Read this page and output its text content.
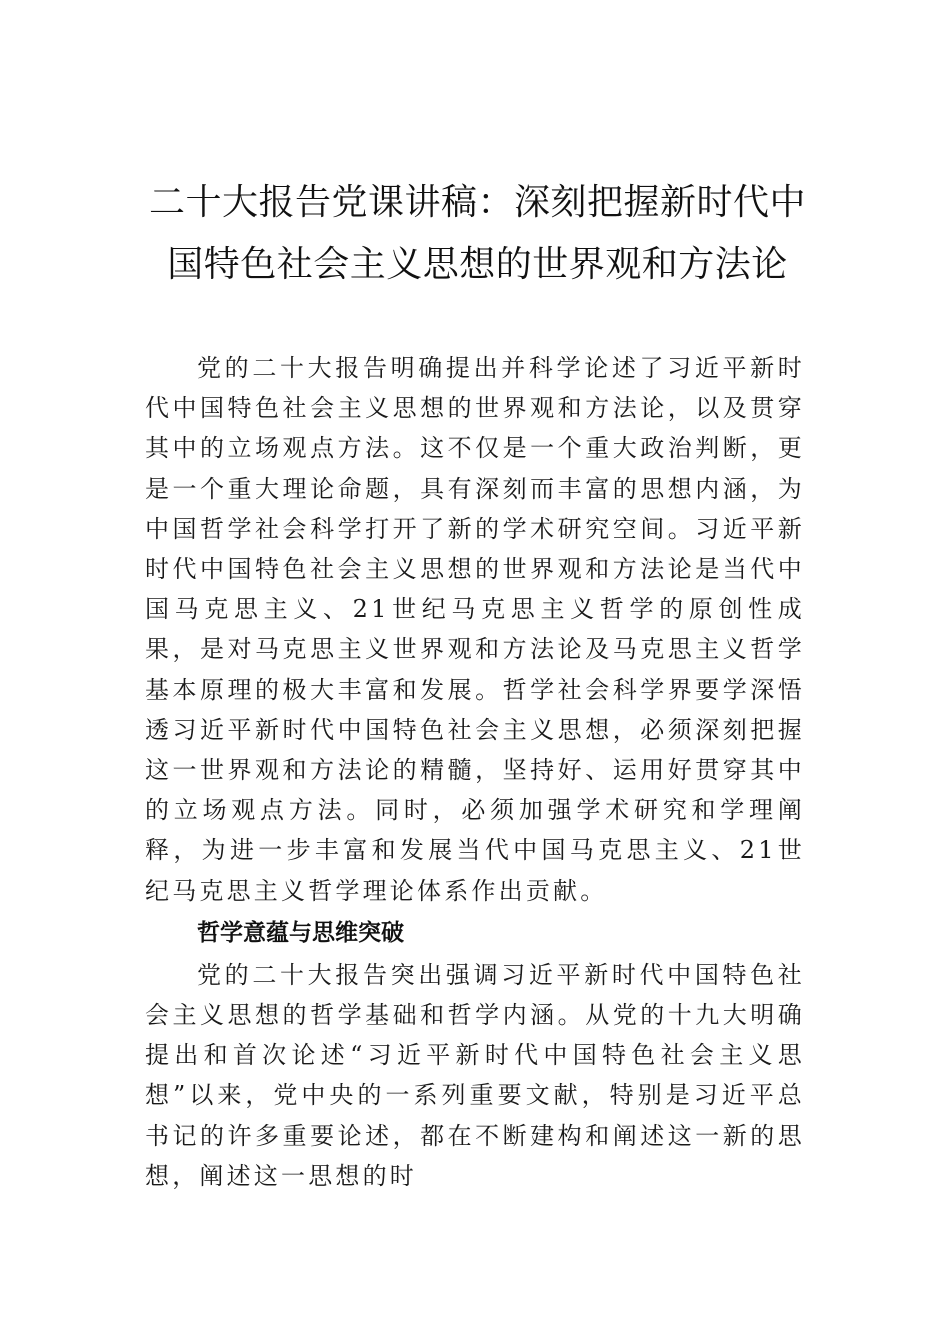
二十大报告党课讲稿：深刻把握新时代中
国特色社会主义思想的世界观和方法论

党的二十大报告明确提出并科学论述了习近平新时代中国特色社会主义思想的世界观和方法论，以及贯穿其中的立场观点方法。这不仅是一个重大政治判断，更是一个重大理论命题，具有深刻而丰富的思想内涵，为中国哲学社会科学打开了新的学术研究空间。习近平新时代中国特色社会主义思想的世界观和方法论是当代中国马克思主义、21世纪马克思主义哲学的原创性成果，是对马克思主义世界观和方法论及马克思主义哲学基本原理的极大丰富和发展。哲学社会科学界要学深悟透习近平新时代中国特色社会主义思想，必须深刻把握这一世界观和方法论的精髓，坚持好、运用好贯穿其中的立场观点方法。同时，必须加强学术研究和学理阐释，为进一步丰富和发展当代中国马克思主义、21世纪马克思主义哲学理论体系作出贡献。

哲学意蕴与思维突破

党的二十大报告突出强调习近平新时代中国特色社会主义思想的哲学基础和哲学内涵。从党的十九大明确提出和首次论述“习近平新时代中国特色社会主义思想”以来，党中央的一系列重要文献，特别是习近平总书记的许多重要论述，都在不断建构和阐述这一新的思想，阐述这一思想的时
